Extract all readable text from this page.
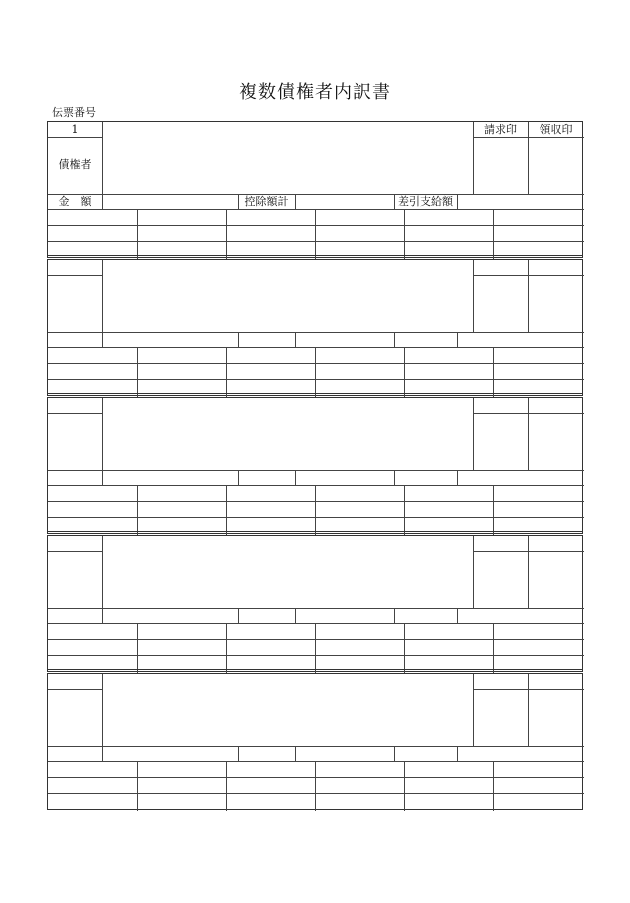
複数債権者内訳書
伝票番号
1
債権者
請求印	領収印
金　額	控除額計	差引支給額
